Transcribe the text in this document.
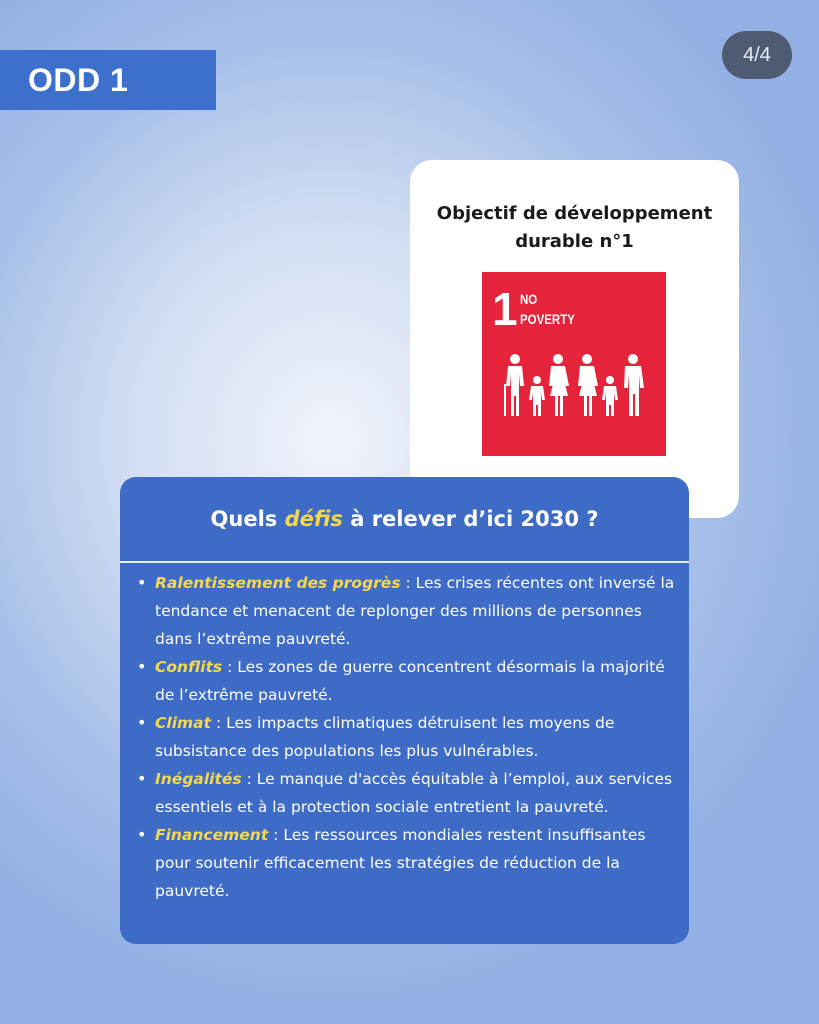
ODD 1
4/4
Objectif de développement
durable n°1
1 NO
POVERTY
Quels défis à relever d’ici 2030 ?
• Ralentissement des progrès : Les crises récentes ont inversé la tendance et menacent de replonger des millions de personnes dans l’extrême pauvreté.
• Conflits : Les zones de guerre concentrent désormais la majorité de l’extrême pauvreté.
• Climat : Les impacts climatiques détruisent les moyens de subsistance des populations les plus vulnérables.
• Inégalités : Le manque d'accès équitable à l’emploi, aux services essentiels et à la protection sociale entretient la pauvreté.
• Financement : Les ressources mondiales restent insuffisantes pour soutenir efficacement les stratégies de réduction de la pauvreté.
